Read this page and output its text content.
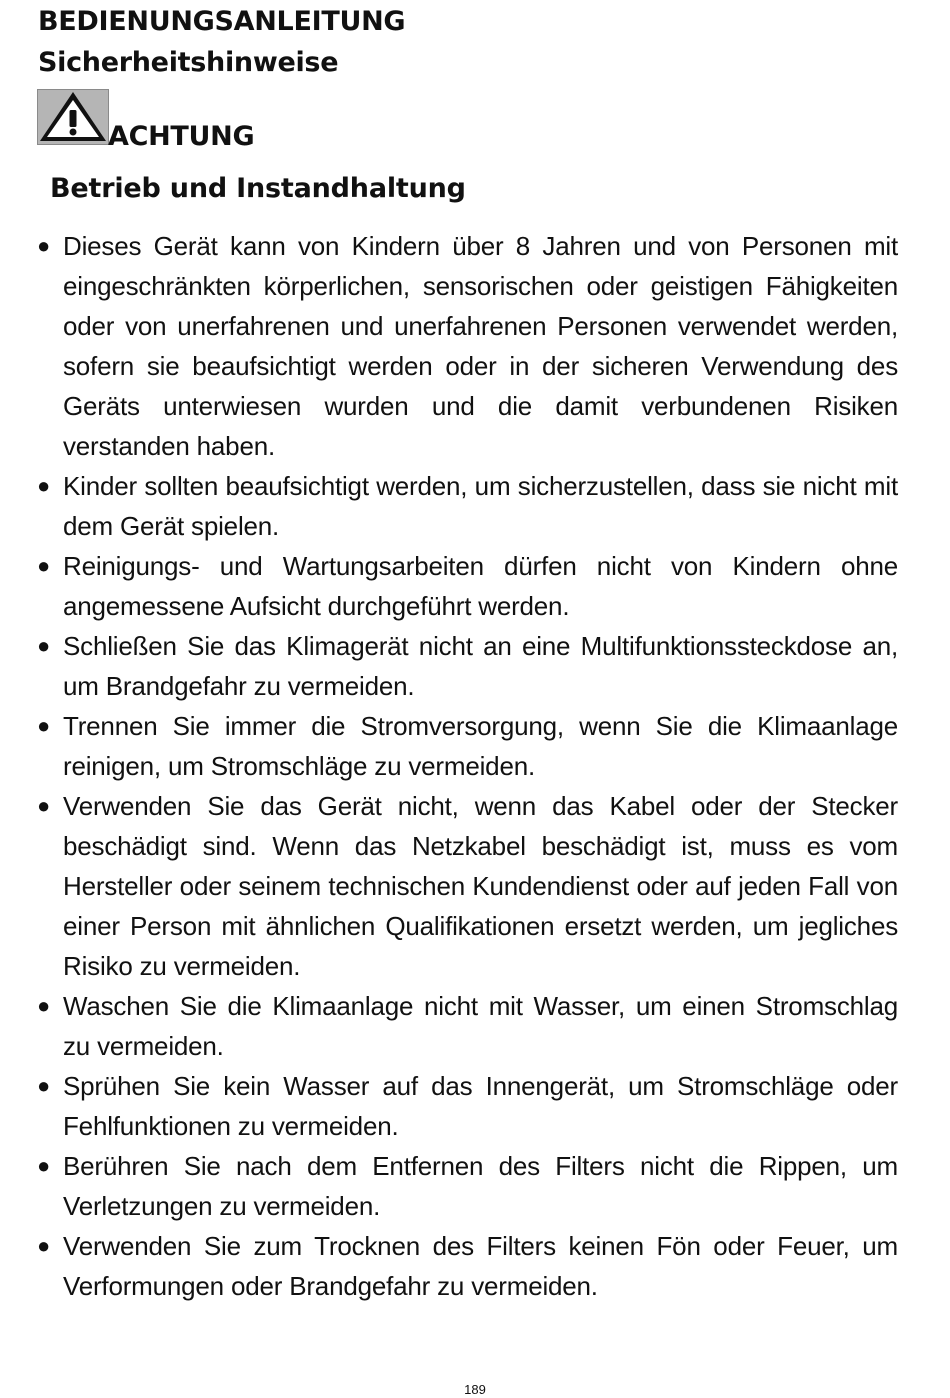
BEDIENUNGSANLEITUNG
Sicherheitshinweise
ACHTUNG
Betrieb und Instandhaltung
● Dieses Gerät kann von Kindern über 8 Jahren und von Personen mit eingeschränkten körperlichen, sensorischen oder geistigen Fähigkeiten oder von unerfahrenen und unerfahrenen Personen verwendet werden, sofern sie beaufsichtigt werden oder in der sicheren Verwendung des Geräts unterwiesen wurden und die damit verbundenen Risiken verstanden haben.
● Kinder sollten beaufsichtigt werden, um sicherzustellen, dass sie nicht mit dem Gerät spielen.
● Reinigungs- und Wartungsarbeiten dürfen nicht von Kindern ohne angemessene Aufsicht durchgeführt werden.
● Schließen Sie das Klimagerät nicht an eine Multifunktionssteckdose an, um Brandgefahr zu vermeiden.
● Trennen Sie immer die Stromversorgung, wenn Sie die Klimaanlage reinigen, um Stromschläge zu vermeiden.
● Verwenden Sie das Gerät nicht, wenn das Kabel oder der Stecker beschädigt sind. Wenn das Netzkabel beschädigt ist, muss es vom Hersteller oder seinem technischen Kundendienst oder auf jeden Fall von einer Person mit ähnlichen Qualifikationen ersetzt werden, um jegliches Risiko zu vermeiden.
● Waschen Sie die Klimaanlage nicht mit Wasser, um einen Stromschlag zu vermeiden.
● Sprühen Sie kein Wasser auf das Innengerät, um Stromschläge oder Fehlfunktionen zu vermeiden.
● Berühren Sie nach dem Entfernen des Filters nicht die Rippen, um Verletzungen zu vermeiden.
● Verwenden Sie zum Trocknen des Filters keinen Fön oder Feuer, um Verformungen oder Brandgefahr zu vermeiden.
189
